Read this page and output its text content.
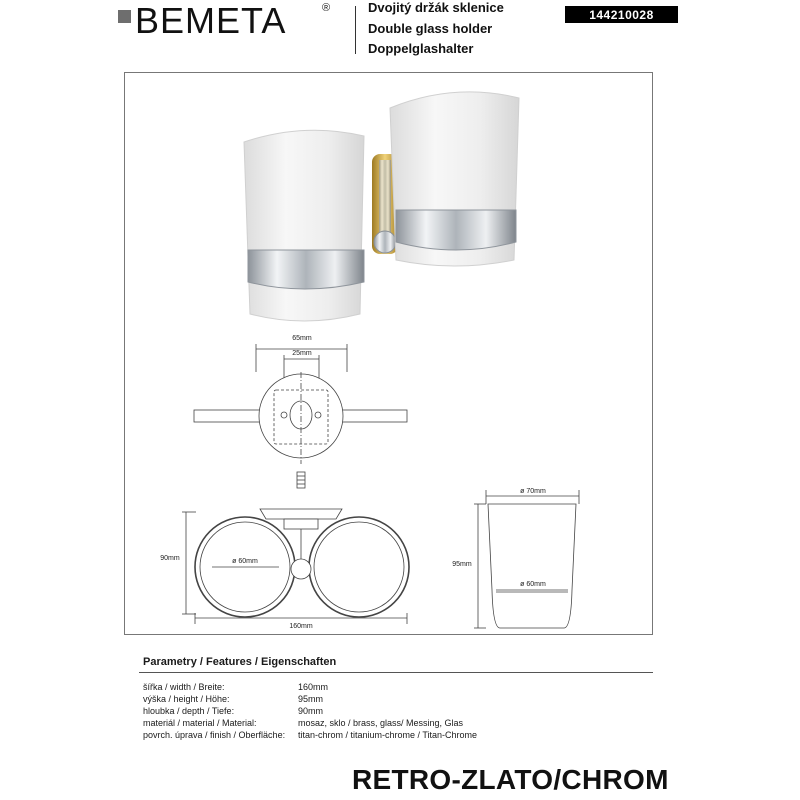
BEMETA	®	Dvojitý držák sklenice
Double glass holder
Doppelglashalter
144210028
65mm
25mm
90mm	ø 60mm
160mm
ø 70mm
ø 60mm
95mm
Parametry / Features / Eigenschaften
šířka / width / Breite:	160mm
výška / height / Höhe:	95mm
hloubka / depth / Tiefe:	90mm
materiál / material / Material:	mosaz, sklo / brass, glass/ Messing, Glas
povrch. úprava / finish / Oberfläche: titan-chrom / titanium-chrome / Titan-Chrome
RETRO-ZLATO/CHROM
